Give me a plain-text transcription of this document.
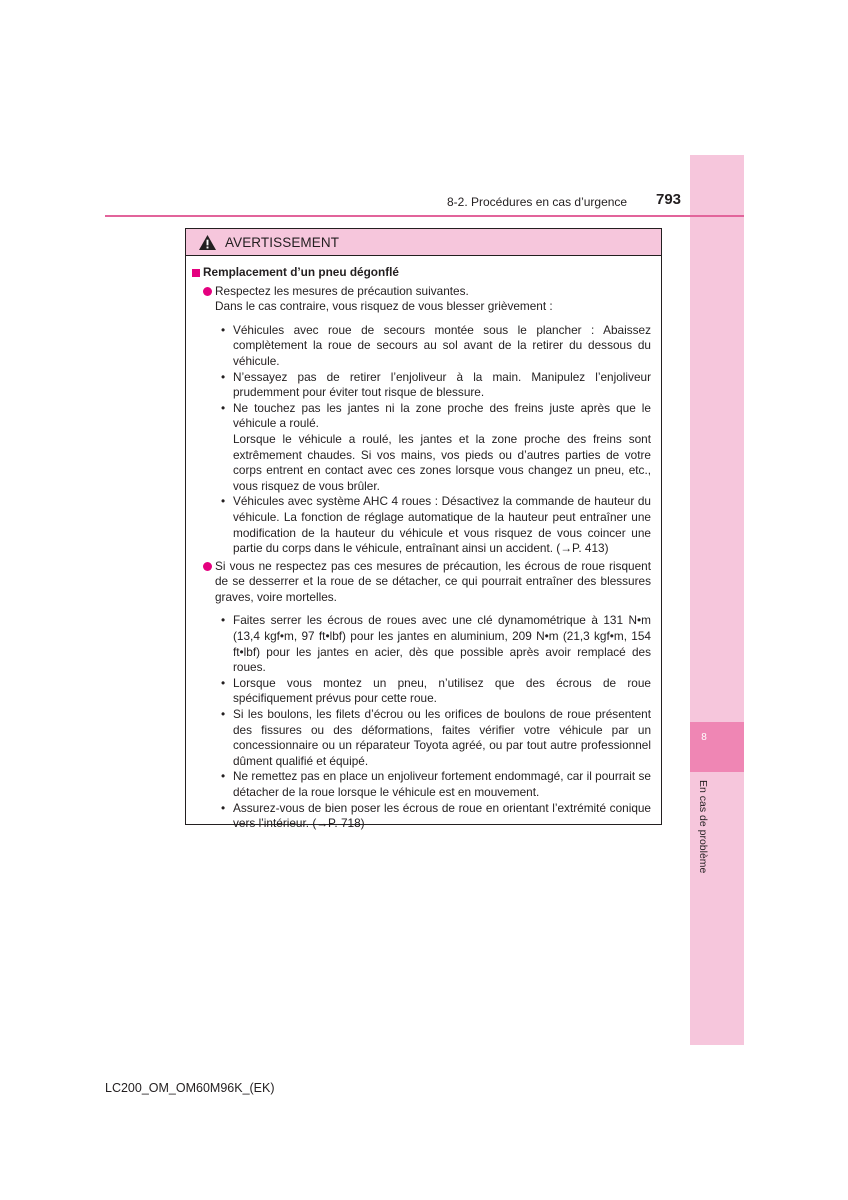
8
En cas de problème
8-2. Procédures en cas d’urgence 793
AVERTISSEMENT
Remplacement d’un pneu dégonflé
Respectez les mesures de précaution suivantes.
Dans le cas contraire, vous risquez de vous blesser grièvement :
• Véhicules avec roue de secours montée sous le plancher : Abaissez complètement la roue de secours au sol avant de la retirer du dessous du véhicule.
• N’essayez pas de retirer l’enjoliveur à la main. Manipulez l’enjoliveur prudemment pour éviter tout risque de blessure.
• Ne touchez pas les jantes ni la zone proche des freins juste après que le véhicule a roulé.
Lorsque le véhicule a roulé, les jantes et la zone proche des freins sont extrêmement chaudes. Si vos mains, vos pieds ou d’autres parties de votre corps entrent en contact avec ces zones lorsque vous changez un pneu, etc., vous risquez de vous brûler.
• Véhicules avec système AHC 4 roues : Désactivez la commande de hauteur du véhicule. La fonction de réglage automatique de la hauteur peut entraîner une modification de la hauteur du véhicule et vous risquez de vous coincer une partie du corps dans le véhicule, entraînant ainsi un accident. (→P. 413)
Si vous ne respectez pas ces mesures de précaution, les écrous de roue risquent de se desserrer et la roue de se détacher, ce qui pourrait entraîner des blessures graves, voire mortelles.
• Faites serrer les écrous de roues avec une clé dynamométrique à 131 N•m (13,4 kgf•m, 97 ft•lbf) pour les jantes en aluminium, 209 N•m (21,3 kgf•m, 154 ft•lbf) pour les jantes en acier, dès que possible après avoir remplacé des roues.
• Lorsque vous montez un pneu, n’utilisez que des écrous de roue spécifiquement prévus pour cette roue.
• Si les boulons, les filets d’écrou ou les orifices de boulons de roue présentent des fissures ou des déformations, faites vérifier votre véhicule par un concessionnaire ou un réparateur Toyota agréé, ou par tout autre professionnel dûment qualifié et équipé.
• Ne remettez pas en place un enjoliveur fortement endommagé, car il pourrait se détacher de la roue lorsque le véhicule est en mouvement.
• Assurez-vous de bien poser les écrous de roue en orientant l’extrémité conique vers l’intérieur. (→P. 718)
LC200_OM_OM60M96K_(EK)
